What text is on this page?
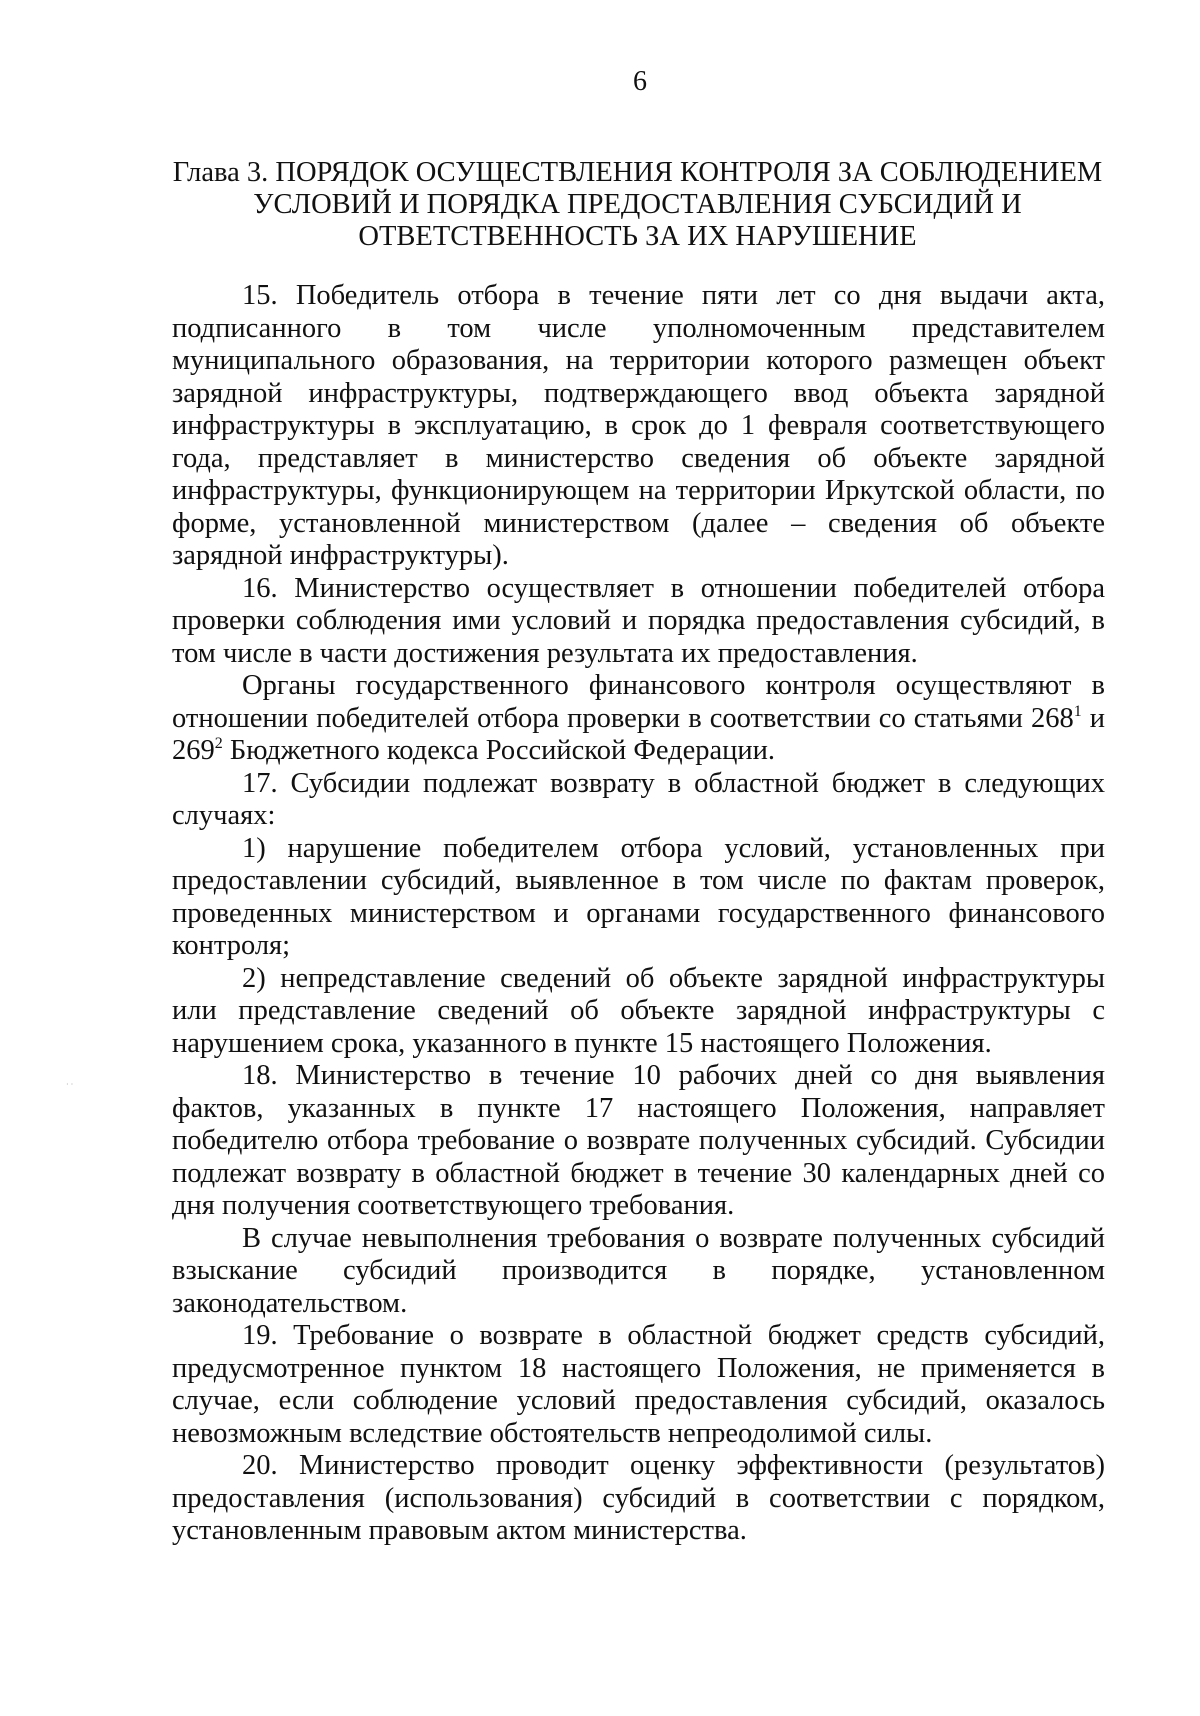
6
Глава 3. ПОРЯДОК ОСУЩЕСТВЛЕНИЯ КОНТРОЛЯ ЗА СОБЛЮДЕНИЕМ
УСЛОВИЙ И ПОРЯДКА ПРЕДОСТАВЛЕНИЯ СУБСИДИЙ И
ОТВЕТСТВЕННОСТЬ ЗА ИХ НАРУШЕНИЕ

15. Победитель отбора в течение пяти лет со дня выдачи акта, подписанного в том числе уполномоченным представителем муниципального образования, на территории которого размещен объект зарядной инфраструктуры, подтверждающего ввод объекта зарядной инфраструктуры в эксплуатацию, в срок до 1 февраля соответствующего года, представляет в министерство сведения об объекте зарядной инфраструктуры, функционирующем на территории Иркутской области, по форме, установленной министерством (далее – сведения об объекте зарядной инфраструктуры).

16. Министерство осуществляет в отношении победителей отбора проверки соблюдения ими условий и порядка предоставления субсидий, в том числе в части достижения результата их предоставления.

Органы государственного финансового контроля осуществляют в отношении победителей отбора проверки в соответствии со статьями $268^1$ и $269^2$ Бюджетного кодекса Российской Федерации.

17. Субсидии подлежат возврату в областной бюджет в следующих случаях:

1) нарушение победителем отбора условий, установленных при предоставлении субсидий, выявленное в том числе по фактам проверок, проведенных министерством и органами государственного финансового контроля;

2) непредставление сведений об объекте зарядной инфраструктуры или представление сведений об объекте зарядной инфраструктуры с нарушением срока, указанного в пункте 15 настоящего Положения.

18. Министерство в течение 10 рабочих дней со дня выявления фактов, указанных в пункте 17 настоящего Положения, направляет победителю отбора требование о возврате полученных субсидий. Субсидии подлежат возврату в областной бюджет в течение 30 календарных дней со дня получения соответствующего требования.

В случае невыполнения требования о возврате полученных субсидий взыскание субсидий производится в порядке, установленном законодательством.

19. Требование о возврате в областной бюджет средств субсидий, предусмотренное пунктом 18 настоящего Положения, не применяется в случае, если соблюдение условий предоставления субсидий, оказалось невозможным вследствие обстоятельств непреодолимой силы.

20. Министерство проводит оценку эффективности (результатов) предоставления (использования) субсидий в соответствии с порядком, установленным правовым актом министерства.

· ·
